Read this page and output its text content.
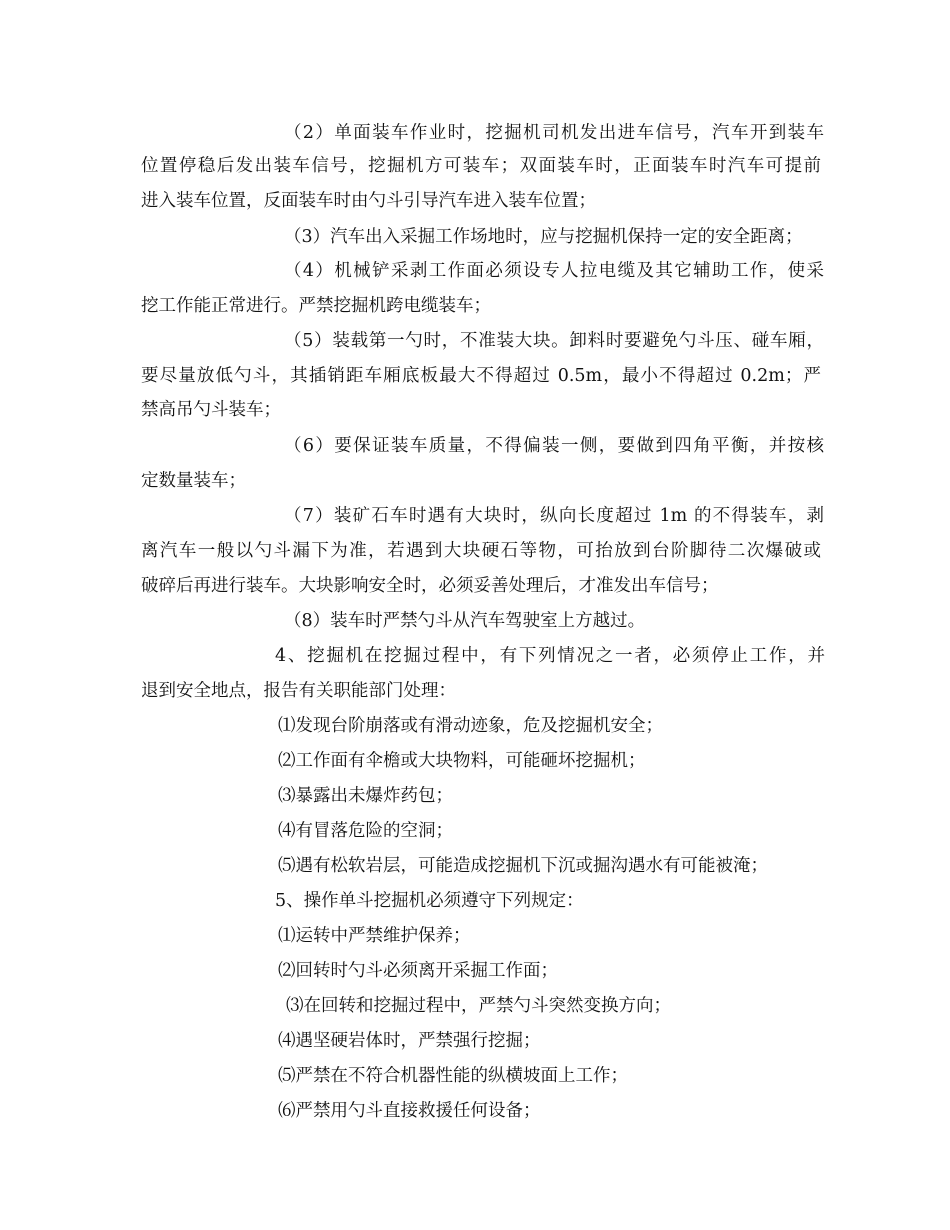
（2）单面装车作业时，挖掘机司机发出进车信号，汽车开到装车
位置停稳后发出装车信号，挖掘机方可装车；双面装车时，正面装车时汽车可提前
进入装车位置，反面装车时由勺斗引导汽车进入装车位置；
（3）汽车出入采掘工作场地时，应与挖掘机保持一定的安全距离；
（4）机械铲采剥工作面必须设专人拉电缆及其它辅助工作，使采
挖工作能正常进行。严禁挖掘机跨电缆装车；
（5）装载第一勺时，不准装大块。卸料时要避免勺斗压、碰车厢，
要尽量放低勺斗，其插销距车厢底板最大不得超过 0.5m，最小不得超过 0.2m；严
禁高吊勺斗装车；
（6）要保证装车质量，不得偏装一侧，要做到四角平衡，并按核
定数量装车；
（7）装矿石车时遇有大块时，纵向长度超过 1m 的不得装车，剥
离汽车一般以勺斗漏下为准，若遇到大块硬石等物，可抬放到台阶脚待二次爆破或
破碎后再进行装车。大块影响安全时，必须妥善处理后，才准发出车信号；
（8）装车时严禁勺斗从汽车驾驶室上方越过。
4、挖掘机在挖掘过程中，有下列情况之一者，必须停止工作，并
退到安全地点，报告有关职能部门处理：
⑴发现台阶崩落或有滑动迹象，危及挖掘机安全；
⑵工作面有伞檐或大块物料，可能砸坏挖掘机；
⑶暴露出未爆炸药包；
⑷有冒落危险的空洞；
⑸遇有松软岩层，可能造成挖掘机下沉或掘沟遇水有可能被淹；
5、操作单斗挖掘机必须遵守下列规定：
⑴运转中严禁维护保养；
⑵回转时勺斗必须离开采掘工作面；
⑶在回转和挖掘过程中，严禁勺斗突然变换方向；
⑷遇坚硬岩体时，严禁强行挖掘；
⑸严禁在不符合机器性能的纵横坡面上工作；
⑹严禁用勺斗直接救援任何设备；
